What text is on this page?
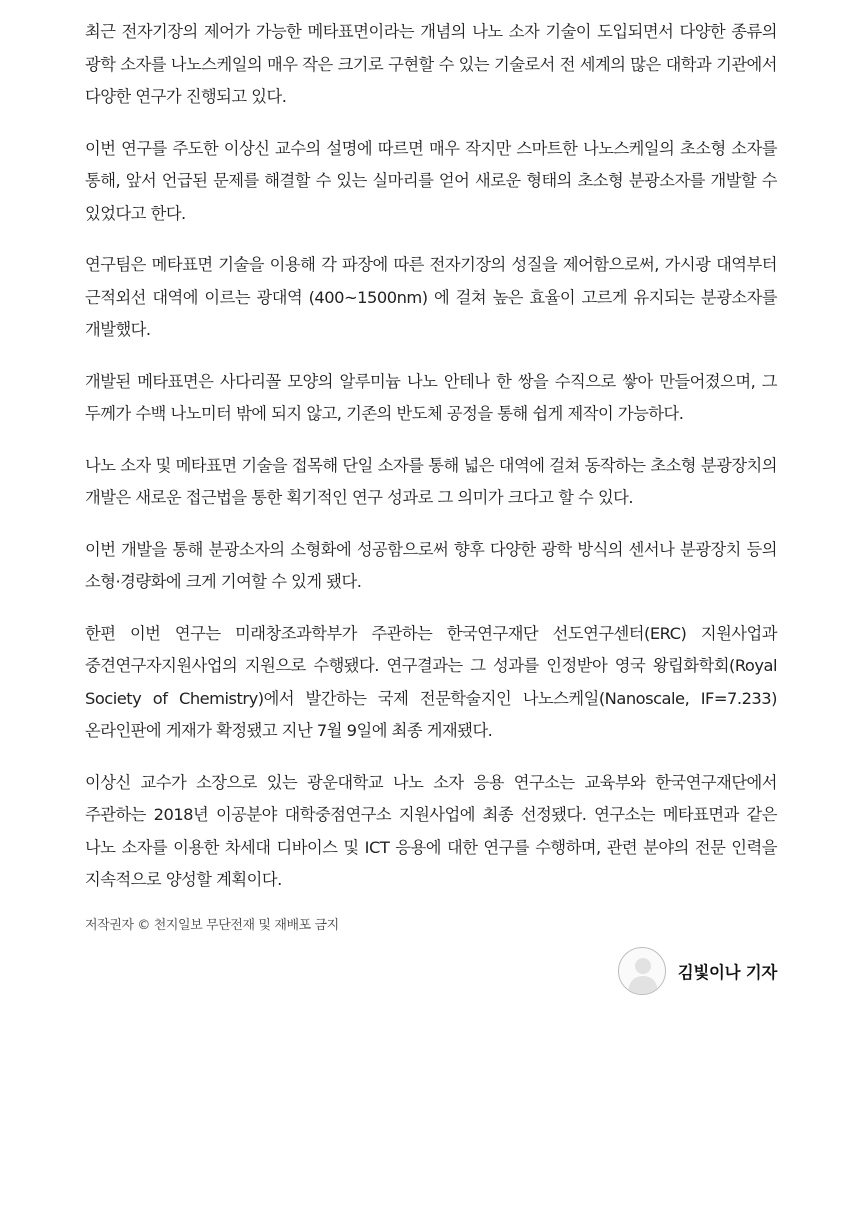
최근 전자기장의 제어가 가능한 메타표면이라는 개념의 나노 소자 기술이 도입되면서 다양한 종류의 광학 소자를 나노스케일의 매우 작은 크기로 구현할 수 있는 기술로서 전 세계의 많은 대학과 기관에서 다양한 연구가 진행되고 있다.

이번 연구를 주도한 이상신 교수의 설명에 따르면 매우 작지만 스마트한 나노스케일의 초소형 소자를 통해, 앞서 언급된 문제를 해결할 수 있는 실마리를 얻어 새로운 형태의 초소형 분광소자를 개발할 수 있었다고 한다.

연구팀은 메타표면 기술을 이용해 각 파장에 따른 전자기장의 성질을 제어함으로써, 가시광 대역부터 근적외선 대역에 이르는 광대역 (400~1500nm) 에 걸쳐 높은 효율이 고르게 유지되는 분광소자를 개발했다.

개발된 메타표면은 사다리꼴 모양의 알루미늄 나노 안테나 한 쌍을 수직으로 쌓아 만들어졌으며, 그 두께가 수백 나노미터 밖에 되지 않고, 기존의 반도체 공정을 통해 쉽게 제작이 가능하다.

나노 소자 및 메타표면 기술을 접목해 단일 소자를 통해 넓은 대역에 걸쳐 동작하는 초소형 분광장치의 개발은 새로운 접근법을 통한 획기적인 연구 성과로 그 의미가 크다고 할 수 있다.

이번 개발을 통해 분광소자의 소형화에 성공함으로써 향후 다양한 광학 방식의 센서나 분광장치 등의 소형·경량화에 크게 기여할 수 있게 됐다.

한편 이번 연구는 미래창조과학부가 주관하는 한국연구재단 선도연구센터(ERC) 지원사업과 중견연구자지원사업의 지원으로 수행됐다. 연구결과는 그 성과를 인정받아 영국 왕립화학회(Royal Society of Chemistry)에서 발간하는 국제 전문학술지인 나노스케일(Nanoscale, IF=7.233) 온라인판에 게재가 확정됐고 지난 7월 9일에 최종 게재됐다.

이상신 교수가 소장으로 있는 광운대학교 나노 소자 응용 연구소는 교육부와 한국연구재단에서 주관하는 2018년 이공분야 대학중점연구소 지원사업에 최종 선정됐다. 연구소는 메타표면과 같은 나노 소자를 이용한 차세대 디바이스 및 ICT 응용에 대한 연구를 수행하며, 관련 분야의 전문 인력을 지속적으로 양성할 계획이다.

저작권자 © 천지일보 무단전재 및 재배포 금지

김빛이나 기자
